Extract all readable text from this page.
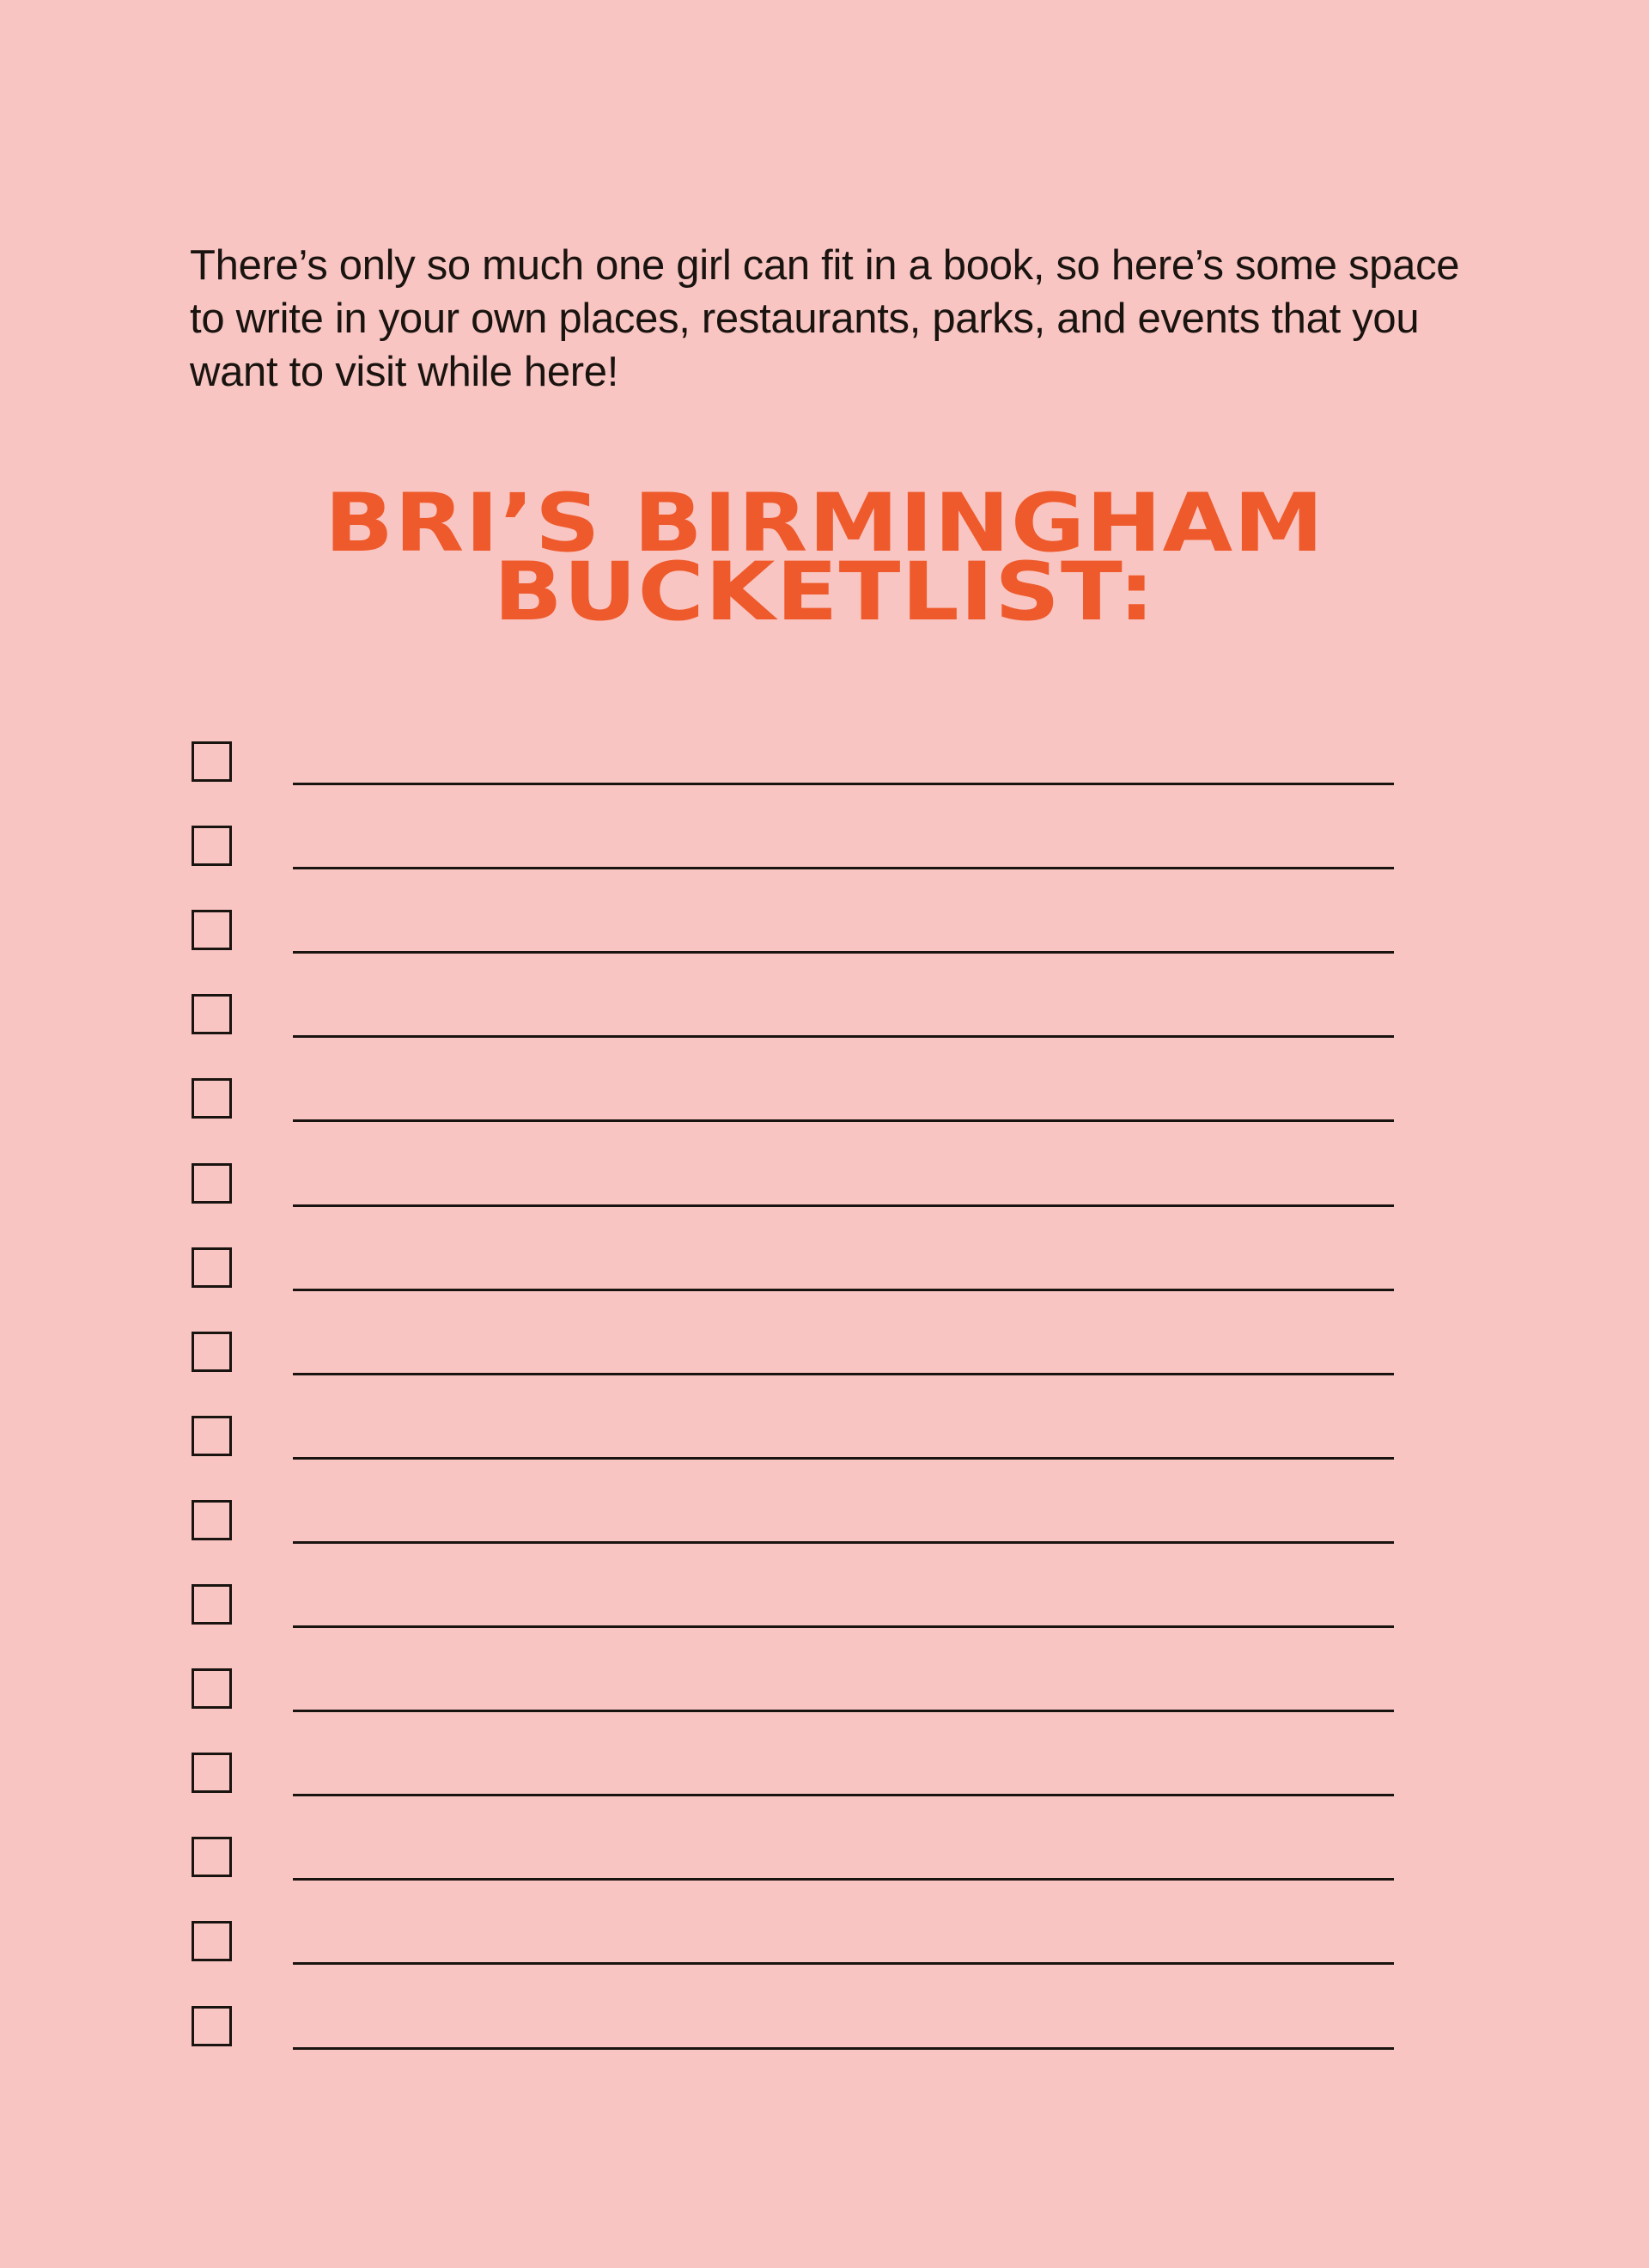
There’s only so much one girl can fit in a book, so here’s some space to write in your own places, restaurants, parks, and events that you want to visit while here!

BRI’S BIRMINGHAM
BUCKETLIST:
